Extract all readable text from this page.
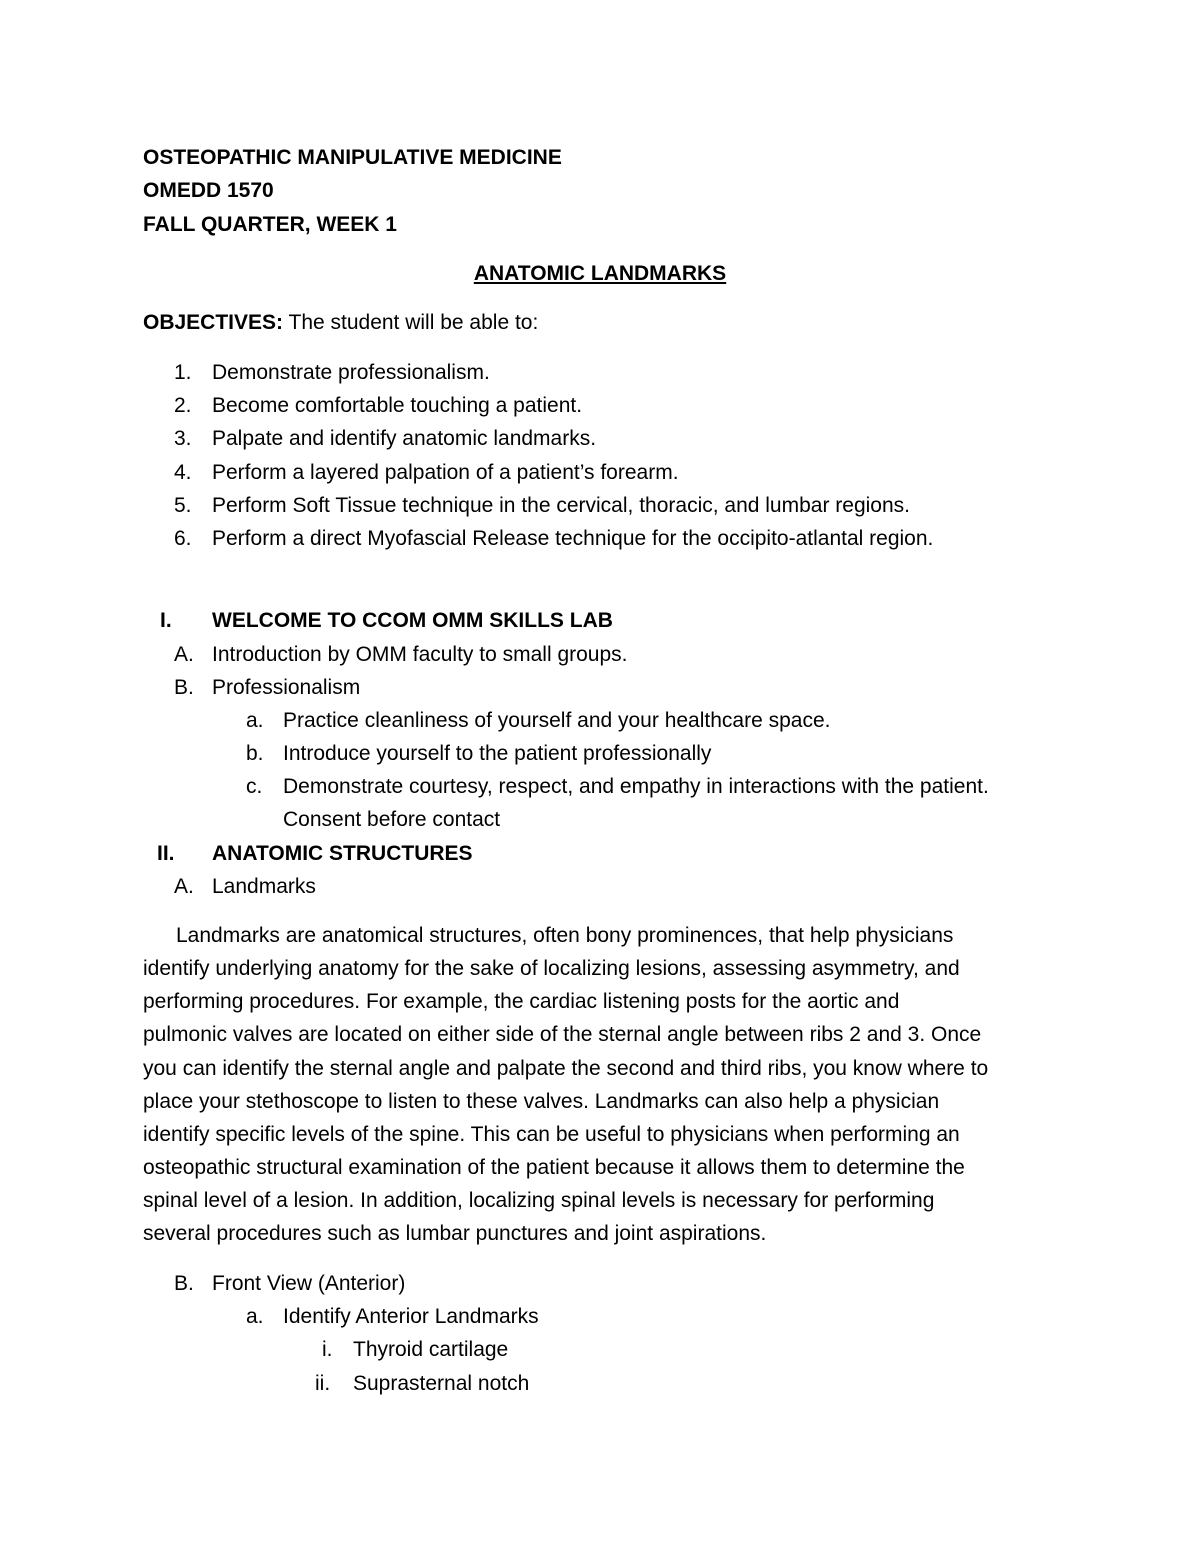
OSTEOPATHIC MANIPULATIVE MEDICINE
OMEDD 1570
FALL QUARTER, WEEK 1
ANATOMIC LANDMARKS
OBJECTIVES: The student will be able to:
1. Demonstrate professionalism.
2. Become comfortable touching a patient.
3. Palpate and identify anatomic landmarks.
4. Perform a layered palpation of a patient’s forearm.
5. Perform Soft Tissue technique in the cervical, thoracic, and lumbar regions.
6. Perform a direct Myofascial Release technique for the occipito-atlantal region.
I. WELCOME TO CCOM OMM SKILLS LAB
A. Introduction by OMM faculty to small groups.
B. Professionalism
a. Practice cleanliness of yourself and your healthcare space.
b. Introduce yourself to the patient professionally
c. Demonstrate courtesy, respect, and empathy in interactions with the patient.
Consent before contact
II. ANATOMIC STRUCTURES
A. Landmarks
Landmarks are anatomical structures, often bony prominences, that help physicians
identify underlying anatomy for the sake of localizing lesions, assessing asymmetry, and
performing procedures. For example, the cardiac listening posts for the aortic and
pulmonic valves are located on either side of the sternal angle between ribs 2 and 3. Once
you can identify the sternal angle and palpate the second and third ribs, you know where to
place your stethoscope to listen to these valves. Landmarks can also help a physician
identify specific levels of the spine. This can be useful to physicians when performing an
osteopathic structural examination of the patient because it allows them to determine the
spinal level of a lesion. In addition, localizing spinal levels is necessary for performing
several procedures such as lumbar punctures and joint aspirations.
B. Front View (Anterior)
a. Identify Anterior Landmarks
i. Thyroid cartilage
ii. Suprasternal notch
